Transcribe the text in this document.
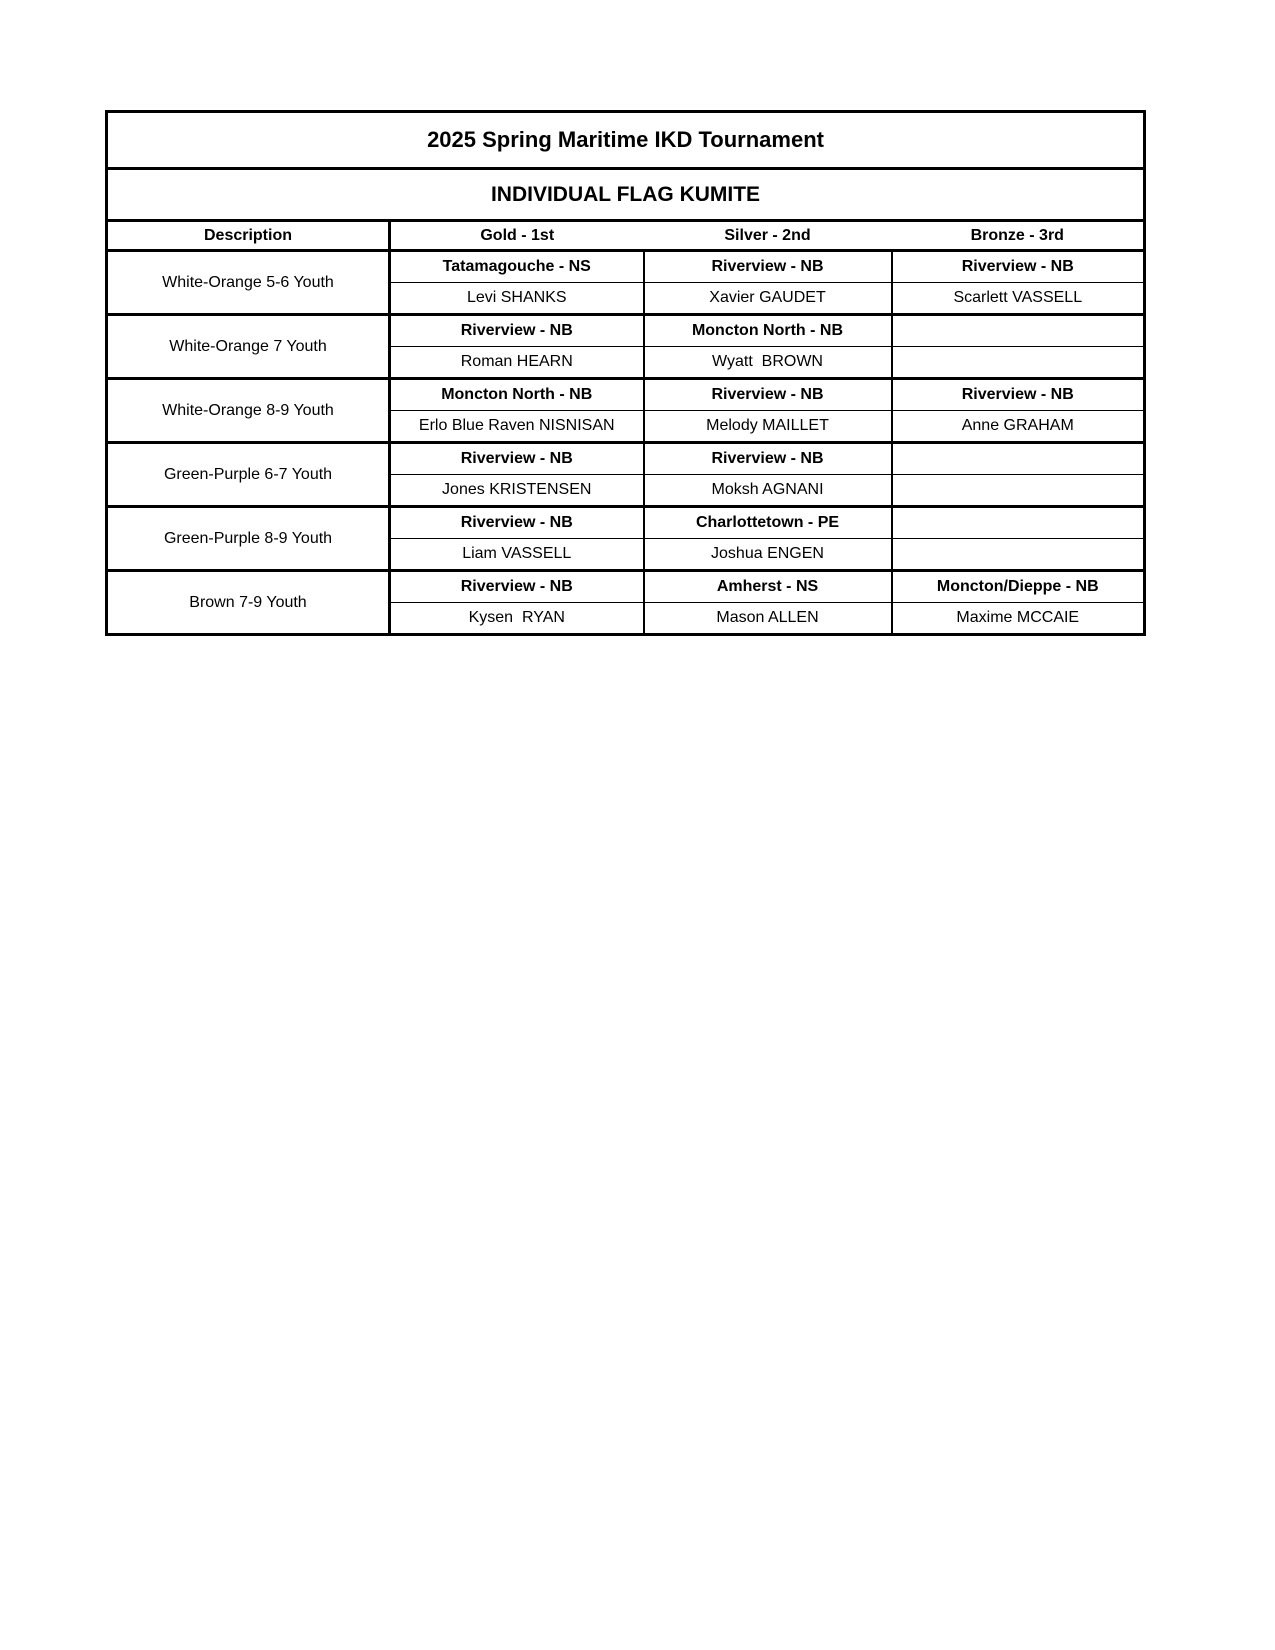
2025 Spring Maritime IKD Tournament			
INDIVIDUAL FLAG KUMITE			
Description	Gold - 1st	Silver - 2nd	Bronze - 3rd
White-Orange 5-6 Youth	Tatamagouche - NS	Riverview - NB	Riverview - NB
	Levi SHANKS	Xavier GAUDET	Scarlett VASSELL
White-Orange 7 Youth	Riverview - NB	Moncton North - NB	
	Roman HEARN	Wyatt  BROWN	
White-Orange 8-9 Youth	Moncton North - NB	Riverview - NB	Riverview - NB
	Erlo Blue Raven NISNISAN	Melody MAILLET	Anne GRAHAM
Green-Purple 6-7 Youth	Riverview - NB	Riverview - NB	
	Jones KRISTENSEN	Moksh AGNANI	
Green-Purple 8-9 Youth	Riverview - NB	Charlottetown - PE	
	Liam VASSELL	Joshua ENGEN	
Brown 7-9 Youth	Riverview - NB	Amherst - NS	Moncton/Dieppe - NB
	Kysen  RYAN	Mason ALLEN	Maxime MCCAIE
